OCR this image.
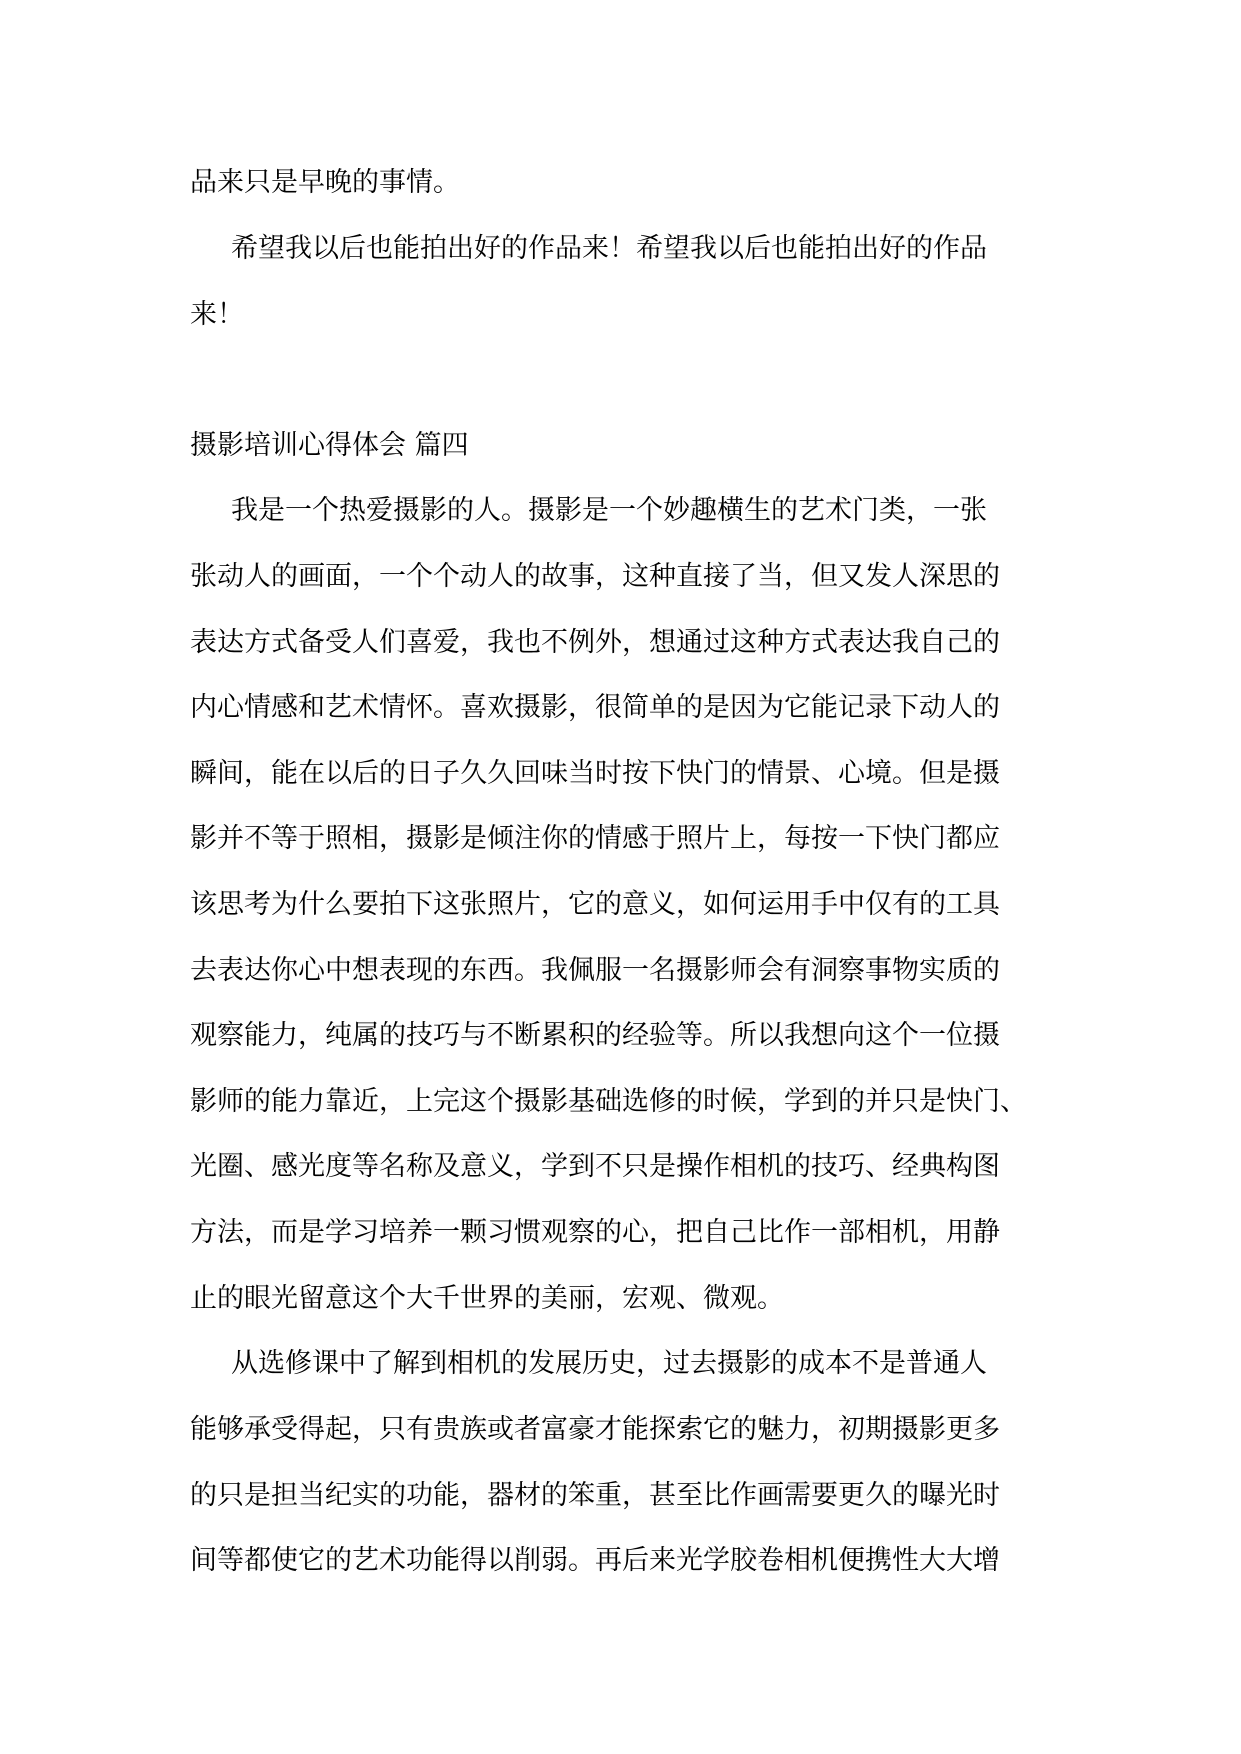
品来只是早晚的事情。
希望我以后也能拍出好的作品来！希望我以后也能拍出好的作品
来！
摄影培训心得体会 篇四
我是一个热爱摄影的人。摄影是一个妙趣横生的艺术门类，一张
张动人的画面，一个个动人的故事，这种直接了当，但又发人深思的
表达方式备受人们喜爱，我也不例外，想通过这种方式表达我自己的
内心情感和艺术情怀。喜欢摄影，很简单的是因为它能记录下动人的
瞬间，能在以后的日子久久回味当时按下快门的情景、心境。但是摄
影并不等于照相，摄影是倾注你的情感于照片上，每按一下快门都应
该思考为什么要拍下这张照片，它的意义，如何运用手中仅有的工具
去表达你心中想表现的东西。我佩服一名摄影师会有洞察事物实质的
观察能力，纯属的技巧与不断累积的经验等。所以我想向这个一位摄
影师的能力靠近，上完这个摄影基础选修的时候，学到的并只是快门、
光圈、感光度等名称及意义，学到不只是操作相机的技巧、经典构图
方法，而是学习培养一颗习惯观察的心，把自己比作一部相机，用静
止的眼光留意这个大千世界的美丽，宏观、微观。
从选修课中了解到相机的发展历史，过去摄影的成本不是普通人
能够承受得起，只有贵族或者富豪才能探索它的魅力，初期摄影更多
的只是担当纪实的功能，器材的笨重，甚至比作画需要更久的曝光时
间等都使它的艺术功能得以削弱。再后来光学胶卷相机便携性大大增
